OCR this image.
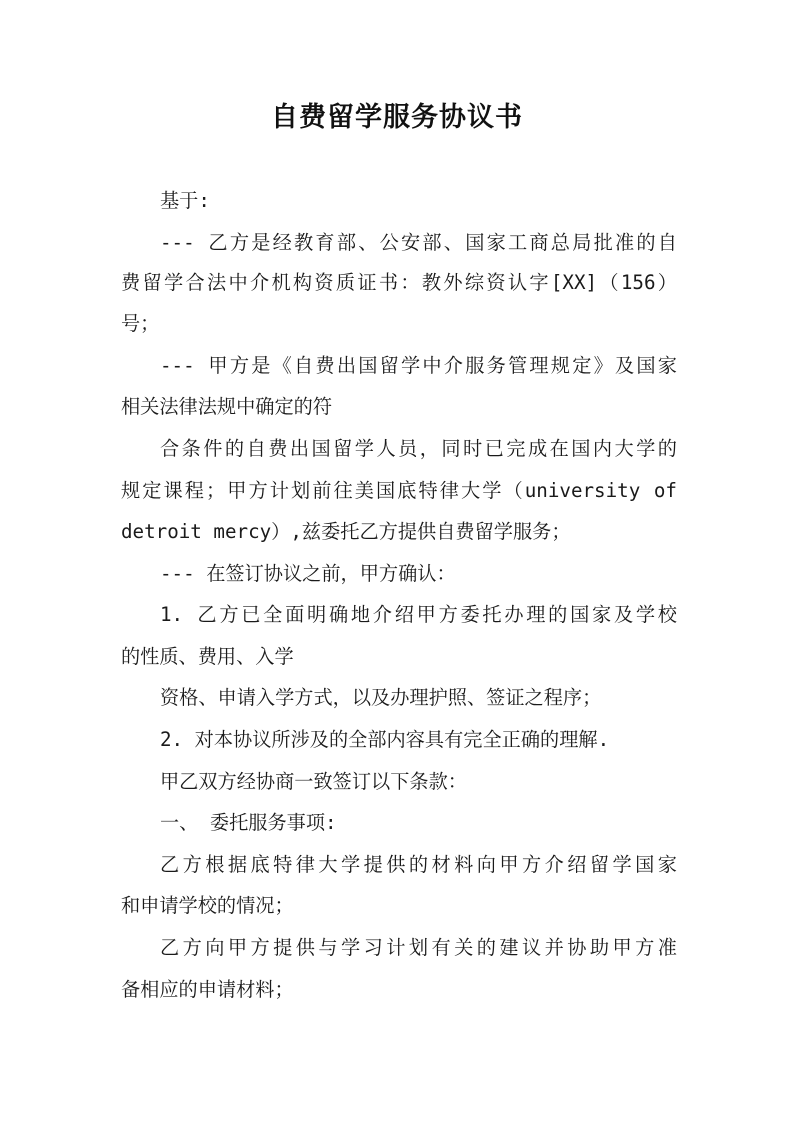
自费留学服务协议书
基于:
--- 乙方是经教育部、公安部、国家工商总局批准的自
费留学合法中介机构资质证书：教外综资认字[XX]（156）
号；
--- 甲方是《自费出国留学中介服务管理规定》及国家
相关法律法规中确定的符
合条件的自费出国留学人员，同时已完成在国内大学的
规定课程；甲方计划前往美国底特律大学（university of
detroit mercy）,兹委托乙方提供自费留学服务；
--- 在签订协议之前，甲方确认：
1. 乙方已全面明确地介绍甲方委托办理的国家及学校
的性质、费用、入学
资格、申请入学方式，以及办理护照、签证之程序；
2. 对本协议所涉及的全部内容具有完全正确的理解.
甲乙双方经协商一致签订以下条款：
一、 委托服务事项:
乙方根据底特律大学提供的材料向甲方介绍留学国家
和申请学校的情况；
乙方向甲方提供与学习计划有关的建议并协助甲方准
备相应的申请材料；
